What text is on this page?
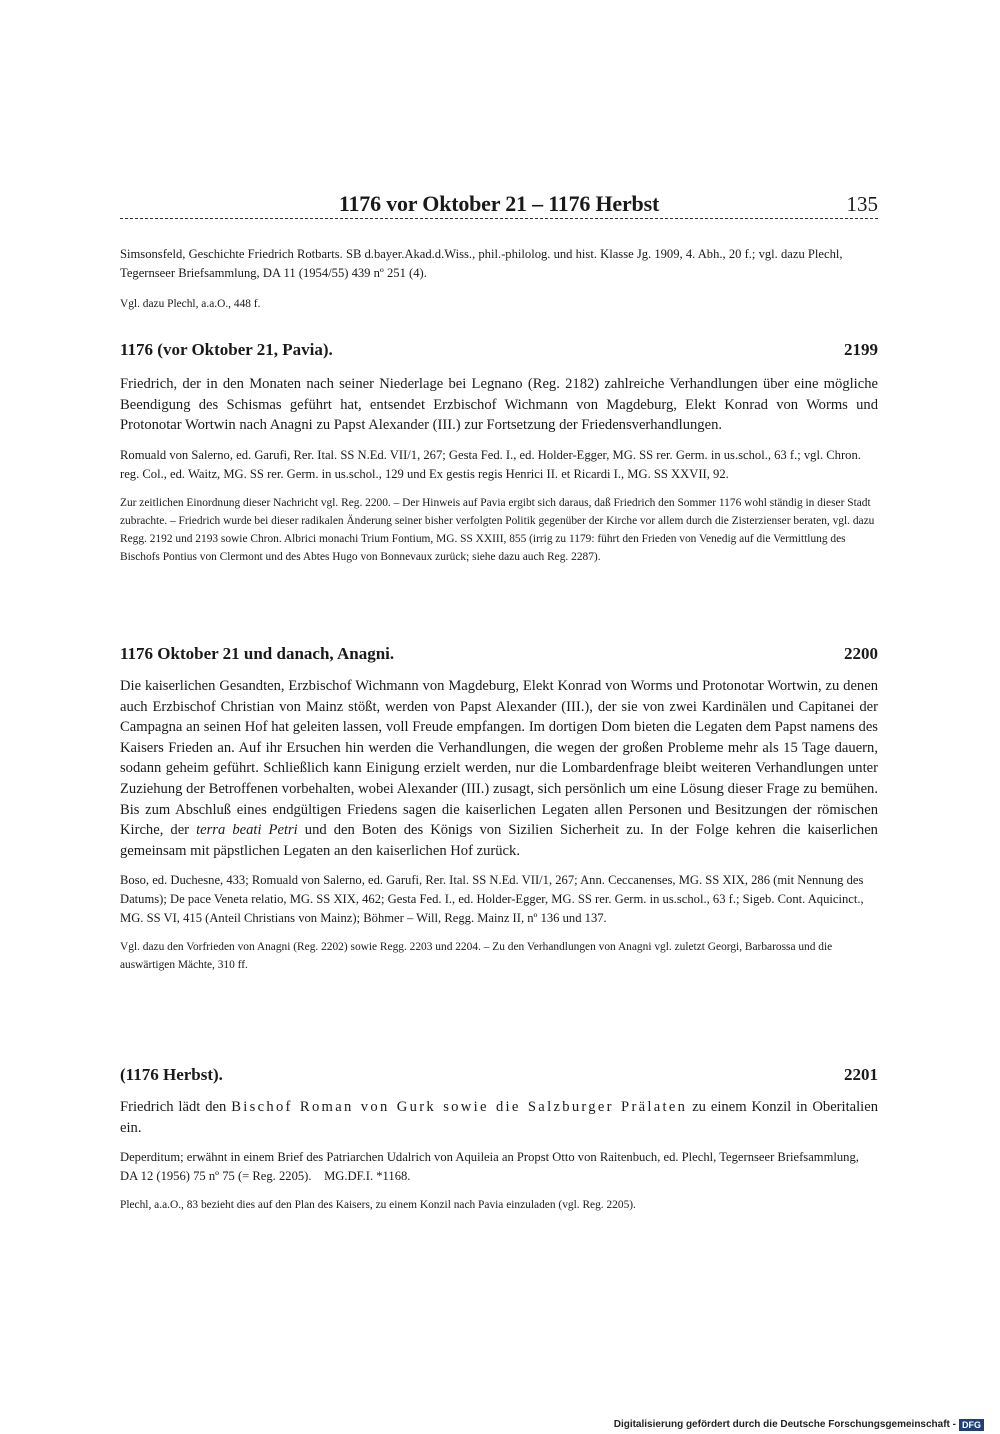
1176 vor Oktober 21 – 1176 Herbst	135

Simsonsfeld, Geschichte Friedrich Rotbarts. SB d.bayer.Akad.d.Wiss., phil.-philolog. und hist. Klasse Jg. 1909, 4. Abh., 20 f.; vgl. dazu Plechl, Tegernseer Briefsammlung, DA 11 (1954/55) 439 nº 251 (4).

Vgl. dazu Plechl, a.a.O., 448 f.

1176 (vor Oktober 21, Pavia).	2199

Friedrich, der in den Monaten nach seiner Niederlage bei Legnano (Reg. 2182) zahlreiche Verhandlungen über eine mögliche Beendigung des Schismas geführt hat, entsendet Erzbischof Wichmann von Magdeburg, Elekt Konrad von Worms und Protonotar Wortwin nach Anagni zu Papst Alexander (III.) zur Fortsetzung der Friedensverhandlungen.

Romuald von Salerno, ed. Garufi, Rer. Ital. SS N.Ed. VII/1, 267; Gesta Fed. I., ed. Holder-Egger, MG. SS rer. Germ. in us.schol., 63 f.; vgl. Chron. reg. Col., ed. Waitz, MG. SS rer. Germ. in us.schol., 129 und Ex gestis regis Henrici II. et Ricardi I., MG. SS XXVII, 92.

Zur zeitlichen Einordnung dieser Nachricht vgl. Reg. 2200. – Der Hinweis auf Pavia ergibt sich daraus, daß Friedrich den Sommer 1176 wohl ständig in dieser Stadt zubrachte. – Friedrich wurde bei dieser radikalen Änderung seiner bisher verfolgten Politik gegenüber der Kirche vor allem durch die Zisterzienser beraten, vgl. dazu Regg. 2192 und 2193 sowie Chron. Albrici monachi Trium Fontium, MG. SS XXIII, 855 (irrig zu 1179: führt den Frieden von Venedig auf die Vermittlung des Bischofs Pontius von Clermont und des Abtes Hugo von Bonnevaux zurück; siehe dazu auch Reg. 2287).

1176 Oktober 21 und danach, Anagni.	2200

Die kaiserlichen Gesandten, Erzbischof Wichmann von Magdeburg, Elekt Konrad von Worms und Protonotar Wortwin, zu denen auch Erzbischof Christian von Mainz stößt, werden von Papst Alexander (III.), der sie von zwei Kardinälen und Capitanei der Campagna an seinen Hof hat geleiten lassen, voll Freude empfangen. Im dortigen Dom bieten die Legaten dem Papst namens des Kaisers Frieden an. Auf ihr Ersuchen hin werden die Verhandlungen, die wegen der großen Probleme mehr als 15 Tage dauern, sodann geheim geführt. Schließlich kann Einigung erzielt werden, nur die Lombardenfrage bleibt weiteren Verhandlungen unter Zuziehung der Betroffenen vorbehalten, wobei Alexander (III.) zusagt, sich persönlich um eine Lösung dieser Frage zu bemühen. Bis zum Abschluß eines endgültigen Friedens sagen die kaiserlichen Legaten allen Personen und Besitzungen der römischen Kirche, der terra beati Petri und den Boten des Königs von Sizilien Sicherheit zu. In der Folge kehren die kaiserlichen gemeinsam mit päpstlichen Legaten an den kaiserlichen Hof zurück.

Boso, ed. Duchesne, 433; Romuald von Salerno, ed. Garufi, Rer. Ital. SS N.Ed. VII/1, 267; Ann. Ceccanenses, MG. SS XIX, 286 (mit Nennung des Datums); De pace Veneta relatio, MG. SS XIX, 462; Gesta Fed. I., ed. Holder-Egger, MG. SS rer. Germ. in us.schol., 63 f.; Sigeb. Cont. Aquicinct., MG. SS VI, 415 (Anteil Christians von Mainz); Böhmer – Will, Regg. Mainz II, nº 136 und 137.

Vgl. dazu den Vorfrieden von Anagni (Reg. 2202) sowie Regg. 2203 und 2204. – Zu den Verhandlungen von Anagni vgl. zuletzt Georgi, Barbarossa und die auswärtigen Mächte, 310 ff.

(1176 Herbst).	2201

Friedrich lädt den Bischof Roman von Gurk sowie die Salzburger Prälaten zu einem Konzil in Oberitalien ein.

Deperditum; erwähnt in einem Brief des Patriarchen Udalrich von Aquileia an Propst Otto von Raitenbuch, ed. Plechl, Tegernseer Briefsammlung, DA 12 (1956) 75 nº 75 (= Reg. 2205).    MG.DF.I. *1168.

Plechl, a.a.O., 83 bezieht dies auf den Plan des Kaisers, zu einem Konzil nach Pavia einzuladen (vgl. Reg. 2205).

Digitalisierung gefördert durch die Deutsche Forschungsgemeinschaft - DFG
